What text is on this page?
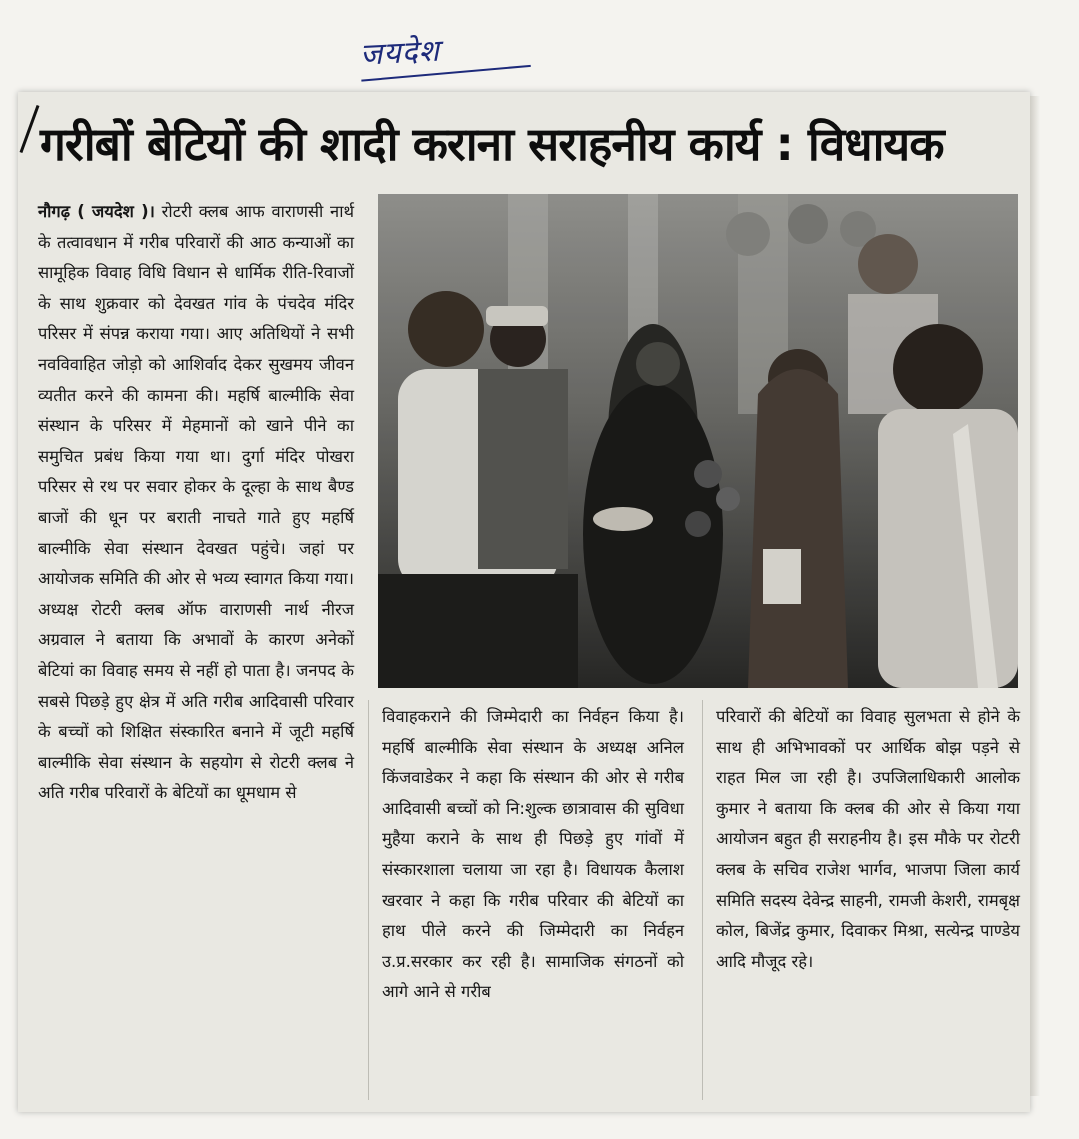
जयदेश
गरीबों बेटियों की शादी कराना सराहनीय कार्य : विधायक
नौगढ़ ( जयदेश )। रोटरी क्लब आफ वाराणसी नार्थ के तत्वावधान में गरीब परिवारों की आठ कन्याओं का सामूहिक विवाह विधि विधान से धार्मिक रीति-रिवाजों के साथ शुक्रवार को देवखत गांव के पंचदेव मंदिर परिसर में संपन्न कराया गया। आए अतिथियों ने सभी नवविवाहित जोड़ो को आशिर्वाद देकर सुखमय जीवन व्यतीत करने की कामना की। महर्षि बाल्मीकि सेवा संस्थान के परिसर में मेहमानों को खाने पीने का समुचित प्रबंध किया गया था। दुर्गा मंदिर पोखरा परिसर से रथ पर सवार होकर के दूल्हा के साथ बैण्ड बाजों की धून पर बराती नाचते गाते हुए महर्षि बाल्मीकि सेवा संस्थान देवखत पहुंचे। जहां पर आयोजक समिति की ओर से भव्य स्वागत किया गया। अध्यक्ष रोटरी क्लब ऑफ वाराणसी नार्थ नीरज अग्रवाल ने बताया कि अभावों के कारण अनेकों बेटियां का विवाह समय से नहीं हो पाता है। जनपद के सबसे पिछड़े हुए क्षेत्र में अति गरीब आदिवासी परिवार के बच्चों को शिक्षित संस्कारित बनाने में जूटी महर्षि बाल्मीकि सेवा संस्थान के सहयोग से रोटरी क्लब ने अति गरीब परिवारों के बेटियों का धूमधाम से
विवाहकराने की जिम्मेदारी का निर्वहन किया है। महर्षि बाल्मीकि सेवा संस्थान के अध्यक्ष अनिल किंजवाडेकर ने कहा कि संस्थान की ओर से गरीब आदिवासी बच्चों को नि:शुल्क छात्रावास की सुविधा मुहैया कराने के साथ ही पिछड़े हुए गांवों में संस्कारशाला चलाया जा रहा है। विधायक कैलाश खरवार ने कहा कि गरीब परिवार की बेटियों का हाथ पीले करने की जिम्मेदारी का निर्वहन उ.प्र.सरकार कर रही है। सामाजिक संगठनों को आगे आने से गरीब
परिवारों की बेटियों का विवाह सुलभता से होने के साथ ही अभिभावकों पर आर्थिक बोझ पड़ने से राहत मिल जा रही है। उपजिलाधिकारी आलोक कुमार ने बताया कि क्लब की ओर से किया गया आयोजन बहुत ही सराहनीय है। इस मौके पर रोटरी क्लब के सचिव राजेश भार्गव, भाजपा जिला कार्य समिति सदस्य देवेन्द्र साहनी, रामजी केशरी, रामबृक्ष कोल, बिजेंद्र कुमार, दिवाकर मिश्रा, सत्येन्द्र पाण्डेय आदि मौजूद रहे।
